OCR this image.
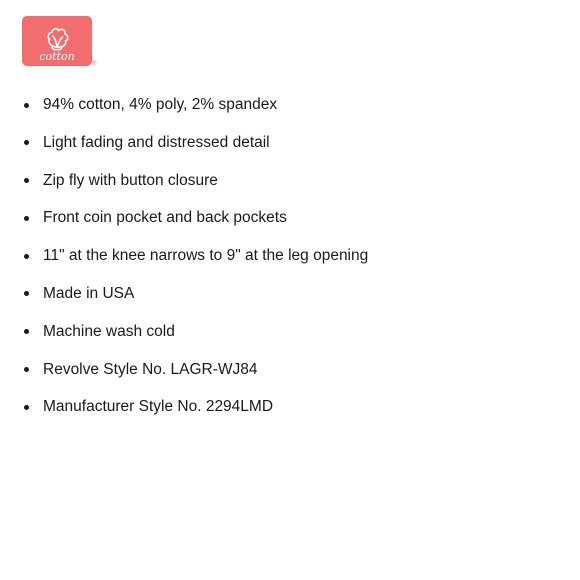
cotton
®
94% cotton, 4% poly, 2% spandex
Light fading and distressed detail
Zip fly with button closure
Front coin pocket and back pockets
11" at the knee narrows to 9" at the leg opening
Made in USA
Machine wash cold
Revolve Style No. LAGR-WJ84
Manufacturer Style No. 2294LMD
